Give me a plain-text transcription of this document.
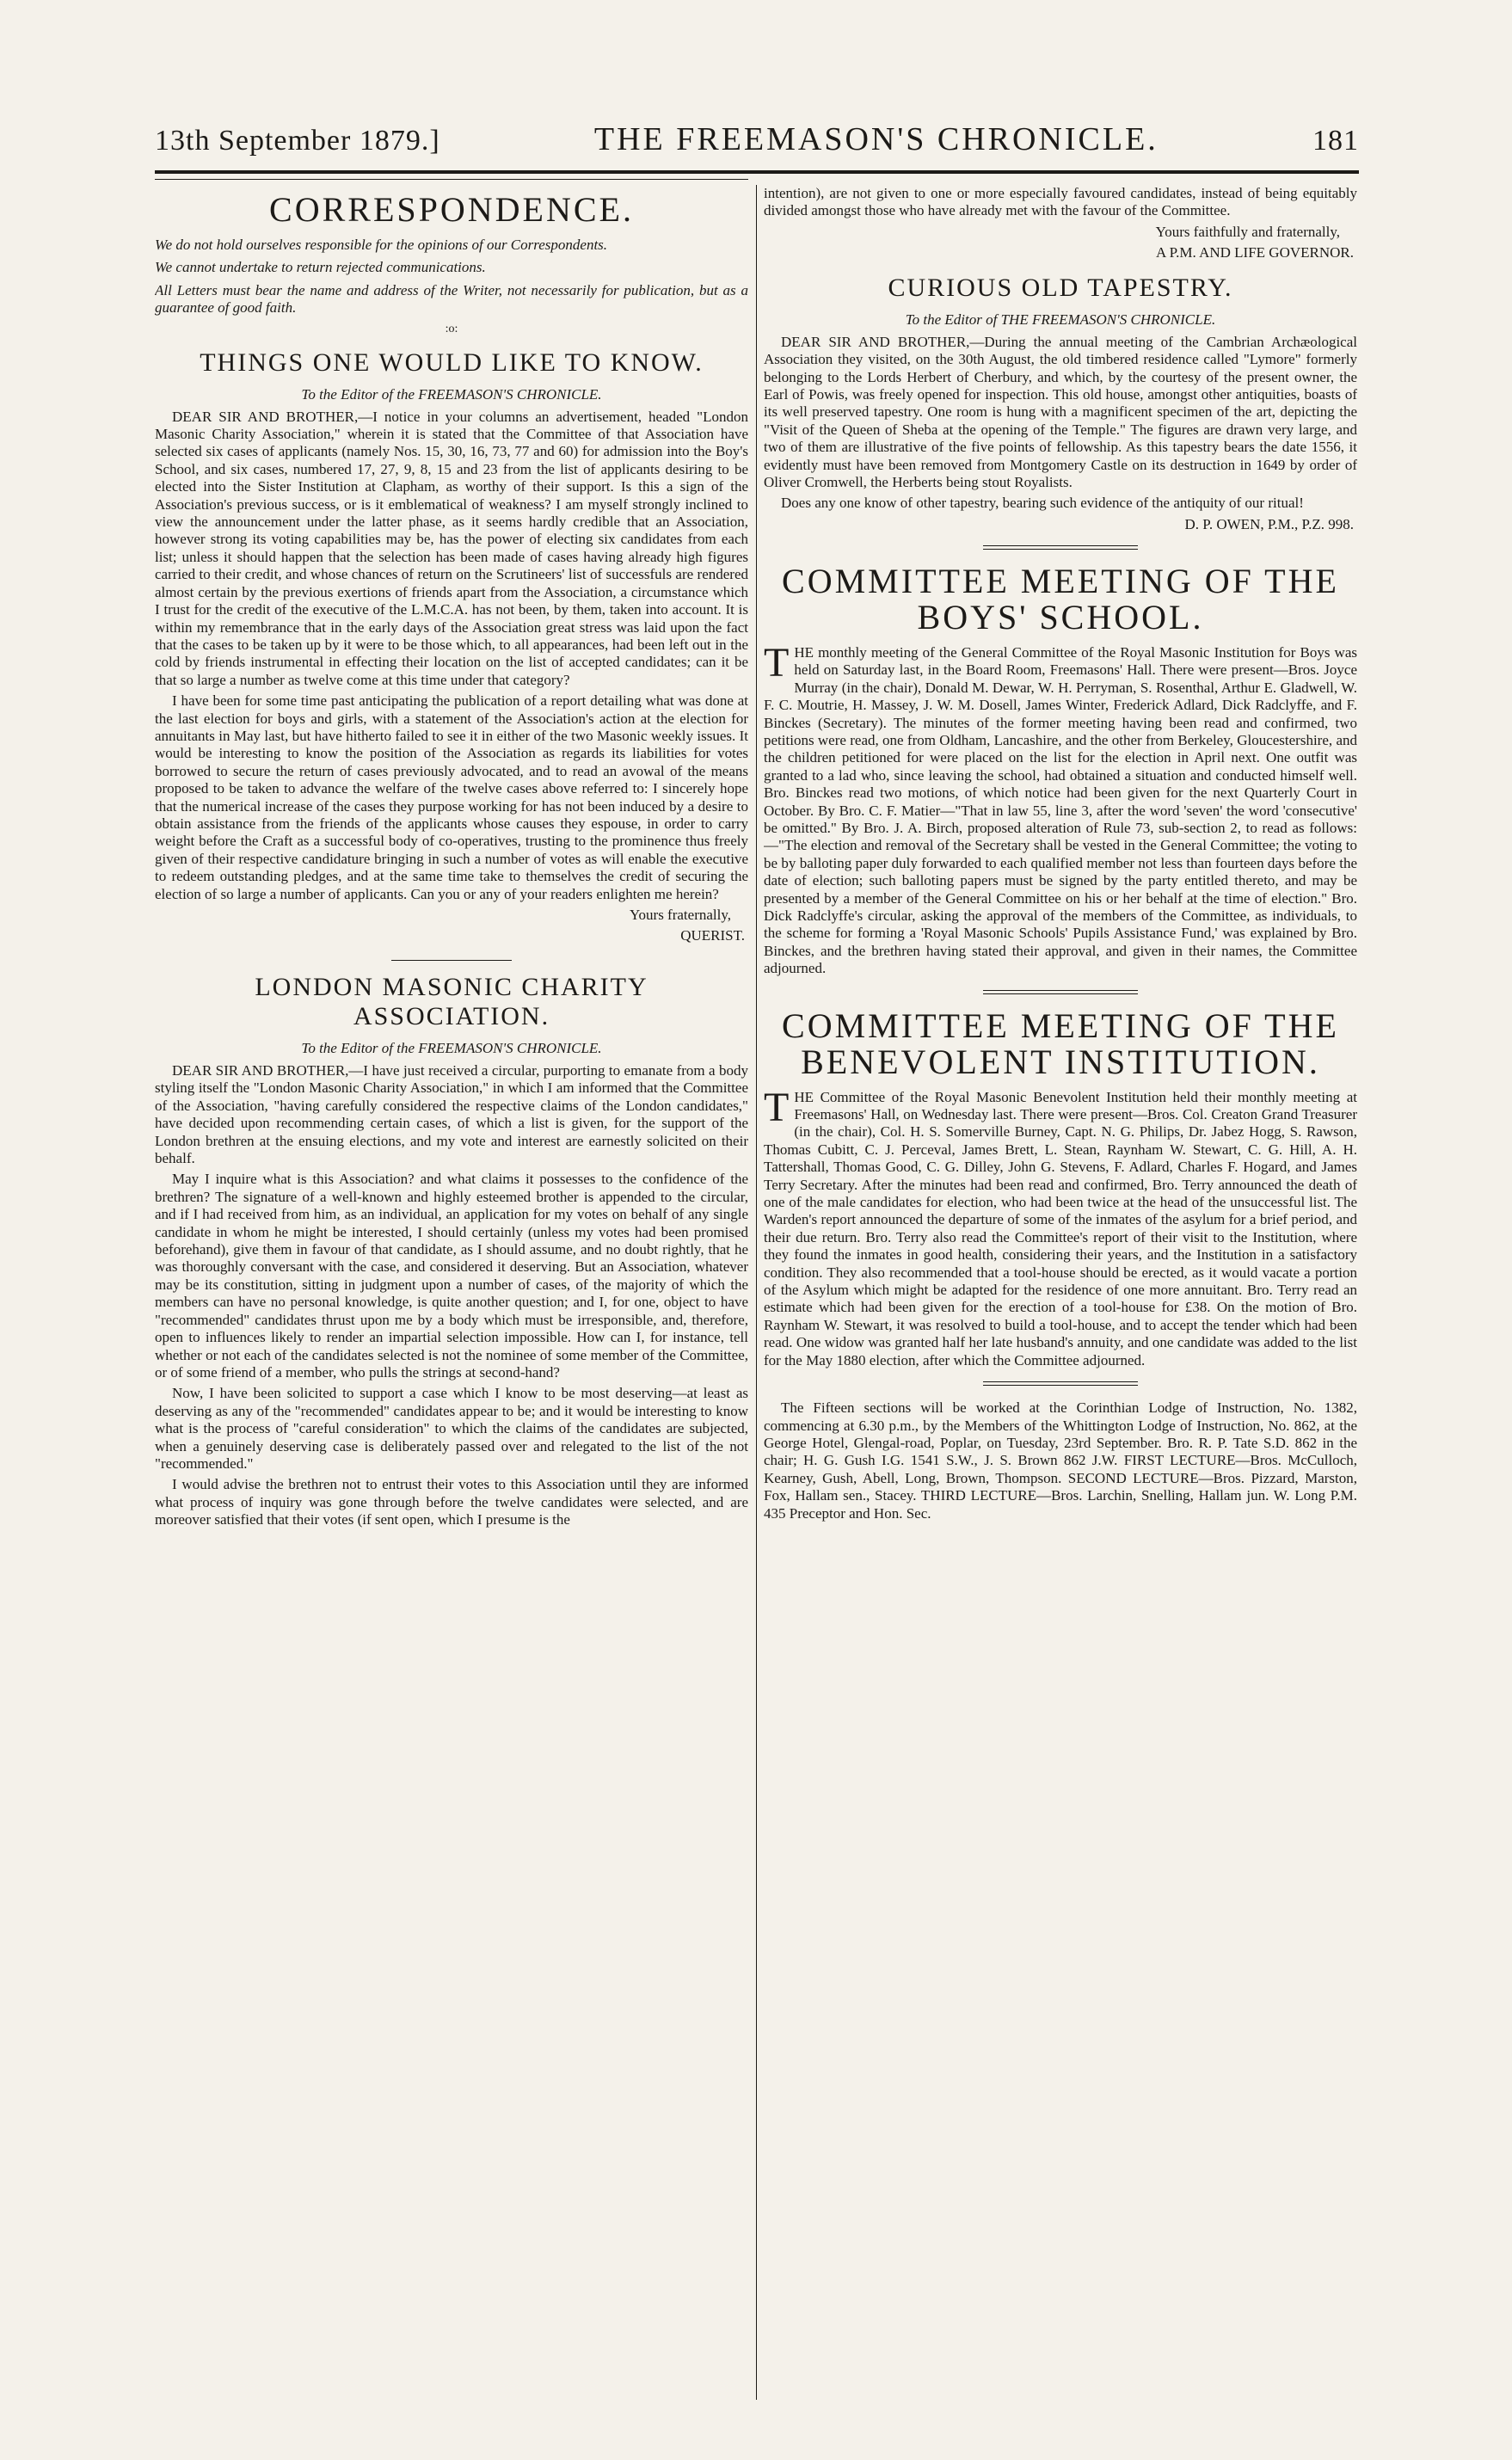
13th September 1879.]	THE FREEMASON'S CHRONICLE.	181
CORRESPONDENCE.

We do not hold ourselves responsible for the opinions of our Correspondents.

We cannot undertake to return rejected communications.

All Letters must bear the name and address of the Writer, not necessarily for publication, but as a guarantee of good faith.

:o:
THINGS ONE WOULD LIKE TO KNOW.
To the Editor of the FREEMASON'S CHRONICLE.

DEAR SIR AND BROTHER,—I notice in your columns an advertisement, headed "London Masonic Charity Association," wherein it is stated that the Committee of that Association have selected six cases of applicants (namely Nos. 15, 30, 16, 73, 77 and 60) for admission into the Boy's School, and six cases, numbered 17, 27, 9, 8, 15 and 23 from the list of applicants desiring to be elected into the Sister Institution at Clapham, as worthy of their support. Is this a sign of the Association's previous success, or is it emblematical of weakness? I am myself strongly inclined to view the announcement under the latter phase, as it seems hardly credible that an Association, however strong its voting capabilities may be, has the power of electing six candidates from each list; unless it should happen that the selection has been made of cases having already high figures carried to their credit, and whose chances of return on the Scrutineers' list of successfuls are rendered almost certain by the previous exertions of friends apart from the Association, a circumstance which I trust for the credit of the executive of the L.M.C.A. has not been, by them, taken into account. It is within my remembrance that in the early days of the Association great stress was laid upon the fact that the cases to be taken up by it were to be those which, to all appearances, had been left out in the cold by friends instrumental in effecting their location on the list of accepted candidates; can it be that so large a number as twelve come at this time under that category?

I have been for some time past anticipating the publication of a report detailing what was done at the last election for boys and girls, with a statement of the Association's action at the election for annuitants in May last, but have hitherto failed to see it in either of the two Masonic weekly issues. It would be interesting to know the position of the Association as regards its liabilities for votes borrowed to secure the return of cases previously advocated, and to read an avowal of the means proposed to be taken to advance the welfare of the twelve cases above referred to: I sincerely hope that the numerical increase of the cases they purpose working for has not been induced by a desire to obtain assistance from the friends of the applicants whose causes they espouse, in order to carry weight before the Craft as a successful body of co-operatives, trusting to the prominence thus freely given of their respective candidature bringing in such a number of votes as will enable the executive to redeem outstanding pledges, and at the same time take to themselves the credit of securing the election of so large a number of applicants. Can you or any of your readers enlighten me herein?

Yours fraternally,
QUERIST.
LONDON MASONIC CHARITY ASSOCIATION.
To the Editor of the FREEMASON'S CHRONICLE.

DEAR SIR AND BROTHER,—I have just received a circular, purporting to emanate from a body styling itself the "London Masonic Charity Association," in which I am informed that the Committee of the Association, "having carefully considered the respective claims of the London candidates," have decided upon recommending certain cases, of which a list is given, for the support of the London brethren at the ensuing elections, and my vote and interest are earnestly solicited on their behalf.

May I inquire what is this Association? and what claims it possesses to the confidence of the brethren? The signature of a well-known and highly esteemed brother is appended to the circular, and if I had received from him, as an individual, an application for my votes on behalf of any single candidate in whom he might be interested, I should certainly (unless my votes had been promised beforehand), give them in favour of that candidate, as I should assume, and no doubt rightly, that he was thoroughly conversant with the case, and considered it deserving. But an Association, whatever may be its constitution, sitting in judgment upon a number of cases, of the majority of which the members can have no personal knowledge, is quite another question; and I, for one, object to have "recommended" candidates thrust upon me by a body which must be irresponsible, and, therefore, open to influences likely to render an impartial selection impossible. How can I, for instance, tell whether or not each of the candidates selected is not the nominee of some member of the Committee, or of some friend of a member, who pulls the strings at second-hand?

Now, I have been solicited to support a case which I know to be most deserving—at least as deserving as any of the "recommended" candidates appear to be; and it would be interesting to know what is the process of "careful consideration" to which the claims of the candidates are subjected, when a genuinely deserving case is deliberately passed over and relegated to the list of the not "recommended."

I would advise the brethren not to entrust their votes to this Association until they are informed what process of inquiry was gone through before the twelve candidates were selected, and are moreover satisfied that their votes (if sent open, which I presume is the

intention), are not given to one or more especially favoured candidates, instead of being equitably divided amongst those who have already met with the favour of the Committee.

Yours faithfully and fraternally,
A P.M. AND LIFE GOVERNOR.
CURIOUS OLD TAPESTRY.
To the Editor of THE FREEMASON'S CHRONICLE.

DEAR SIR AND BROTHER,—During the annual meeting of the Cambrian Archæological Association they visited, on the 30th August, the old timbered residence called "Lymore" formerly belonging to the Lords Herbert of Cherbury, and which, by the courtesy of the present owner, the Earl of Powis, was freely opened for inspection. This old house, amongst other antiquities, boasts of its well preserved tapestry. One room is hung with a magnificent specimen of the art, depicting the "Visit of the Queen of Sheba at the opening of the Temple." The figures are drawn very large, and two of them are illustrative of the five points of fellowship. As this tapestry bears the date 1556, it evidently must have been removed from Montgomery Castle on its destruction in 1649 by order of Oliver Cromwell, the Herberts being stout Royalists.

Does any one know of other tapestry, bearing such evidence of the antiquity of our ritual!

D. P. OWEN, P.M., P.Z. 998.
COMMITTEE MEETING OF THE BOYS' SCHOOL.

THE monthly meeting of the General Committee of the Royal Masonic Institution for Boys was held on Saturday last, in the Board Room, Freemasons' Hall. There were present—Bros. Joyce Murray (in the chair), Donald M. Dewar, W. H. Perryman, S. Rosenthal, Arthur E. Gladwell, W. F. C. Moutrie, H. Massey, J. W. M. Dosell, James Winter, Frederick Adlard, Dick Radclyffe, and F. Binckes (Secretary). The minutes of the former meeting having been read and confirmed, two petitions were read, one from Oldham, Lancashire, and the other from Berkeley, Gloucestershire, and the children petitioned for were placed on the list for the election in April next. One outfit was granted to a lad who, since leaving the school, had obtained a situation and conducted himself well. Bro. Binckes read two motions, of which notice had been given for the next Quarterly Court in October. By Bro. C. F. Matier—"That in law 55, line 3, after the word 'seven' the word 'consecutive' be omitted." By Bro. J. A. Birch, proposed alteration of Rule 73, sub-section 2, to read as follows:—"The election and removal of the Secretary shall be vested in the General Committee; the voting to be by balloting paper duly forwarded to each qualified member not less than fourteen days before the date of election; such balloting papers must be signed by the party entitled thereto, and may be presented by a member of the General Committee on his or her behalf at the time of election." Bro. Dick Radclyffe's circular, asking the approval of the members of the Committee, as individuals, to the scheme for forming a 'Royal Masonic Schools' Pupils Assistance Fund,' was explained by Bro. Binckes, and the brethren having stated their approval, and given in their names, the Committee adjourned.

COMMITTEE MEETING OF THE BENEVOLENT INSTITUTION.

THE Committee of the Royal Masonic Benevolent Institution held their monthly meeting at Freemasons' Hall, on Wednesday last. There were present—Bros. Col. Creaton Grand Treasurer (in the chair), Col. H. S. Somerville Burney, Capt. N. G. Philips, Dr. Jabez Hogg, S. Rawson, Thomas Cubitt, C. J. Perceval, James Brett, L. Stean, Raynham W. Stewart, C. G. Hill, A. H. Tattershall, Thomas Good, C. G. Dilley, John G. Stevens, F. Adlard, Charles F. Hogard, and James Terry Secretary. After the minutes had been read and confirmed, Bro. Terry announced the death of one of the male candidates for election, who had been twice at the head of the unsuccessful list. The Warden's report announced the departure of some of the inmates of the asylum for a brief period, and their due return. Bro. Terry also read the Committee's report of their visit to the Institution, where they found the inmates in good health, considering their years, and the Institution in a satisfactory condition. They also recommended that a tool-house should be erected, as it would vacate a portion of the Asylum which might be adapted for the residence of one more annuitant. Bro. Terry read an estimate which had been given for the erection of a tool-house for £38. On the motion of Bro. Raynham W. Stewart, it was resolved to build a tool-house, and to accept the tender which had been read. One widow was granted half her late husband's annuity, and one candidate was added to the list for the May 1880 election, after which the Committee adjourned.

The Fifteen sections will be worked at the Corinthian Lodge of Instruction, No. 1382, commencing at 6.30 p.m., by the Members of the Whittington Lodge of Instruction, No. 862, at the George Hotel, Glengal-road, Poplar, on Tuesday, 23rd September. Bro. R. P. Tate S.D. 862 in the chair; H. G. Gush I.G. 1541 S.W., J. S. Brown 862 J.W. FIRST LECTURE—Bros. McCulloch, Kearney, Gush, Abell, Long, Brown, Thompson. SECOND LECTURE—Bros. Pizzard, Marston, Fox, Hallam sen., Stacey. THIRD LECTURE—Bros. Larchin, Snelling, Hallam jun. W. Long P.M. 435 Preceptor and Hon. Sec.
